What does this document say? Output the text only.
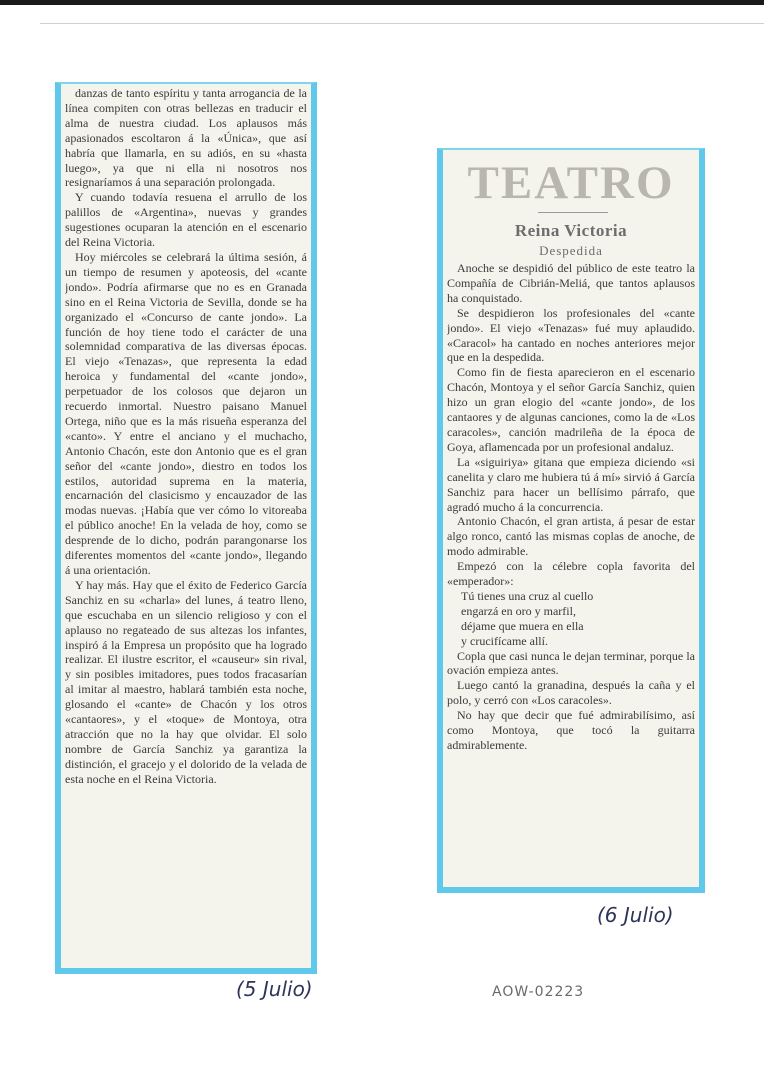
danzas de tanto espíritu y tanta arrogancia de la línea compiten con otras bellezas en traducir el alma de nuestra ciudad. Los aplausos más apasionados escoltaron á la «Única», que así habría que llamarla, en su adiós, en su «hasta luego», ya que ni ella ni nosotros nos resignaríamos á una separación prolongada.

Y cuando todavía resuena el arrullo de los palillos de «Argentina», nuevas y grandes sugestiones ocuparan la atención en el escenario del Reina Victoria.

Hoy miércoles se celebrará la última sesión, á un tiempo de resumen y apoteosis, del «cante jondo». Podría afirmarse que no es en Granada sino en el Reina Victoria de Sevilla, donde se ha organizado el «Concurso de cante jondo». La función de hoy tiene todo el carácter de una solemnidad comparativa de las diversas épocas. El viejo «Tenazas», que representa la edad heroica y fundamental del «cante jondo», perpetuador de los colosos que dejaron un recuerdo inmortal. Nuestro paisano Manuel Ortega, niño que es la más risueña esperanza del «canto». Y entre el anciano y el muchacho, Antonio Chacón, este don Antonio que es el gran señor del «cante jondo», diestro en todos los estilos, autoridad suprema en la materia, encarnación del clasicismo y encauzador de las modas nuevas. ¡Había que ver cómo lo vitoreaba el público anoche! En la velada de hoy, como se desprende de lo dicho, podrán parangonarse los diferentes momentos del «cante jondo», llegando á una orientación.

Y hay más. Hay que el éxito de Federico García Sanchiz en su «charla» del lunes, á teatro lleno, que escuchaba en un silencio religioso y con el aplauso no regateado de sus altezas los infantes, inspiró á la Empresa un propósito que ha logrado realizar. El ilustre escritor, el «causeur» sin rival, y sin posibles imitadores, pues todos fracasarían al imitar al maestro, hablará también esta noche, glosando el «cante» de Chacón y los otros «cantaores», y el «toque» de Montoya, otra atracción que no la hay que olvidar. El solo nombre de García Sanchiz ya garantiza la distinción, el gracejo y el dolorido de la velada de esta noche en el Reina Victoria.

TEATRO
Reina Victoria
Despedida

Anoche se despidió del público de este teatro la Compañía de Cibrián-Meliá, que tantos aplausos ha conquistado.

Se despidieron los profesionales del «cante jondo». El viejo «Tenazas» fué muy aplaudido. «Caracol» ha cantado en noches anteriores mejor que en la despedida.

Como fin de fiesta aparecieron en el escenario Chacón, Montoya y el señor García Sanchiz, quien hizo un gran elogio del «cante jondo», de los cantaores y de algunas canciones, como la de «Los caracoles», canción madrileña de la época de Goya, aflamencada por un profesional andaluz.

La «siguiriya» gitana que empieza diciendo «si canelita y claro me hubiera tú á mí» sirvió á García Sanchiz para hacer un bellísimo párrafo, que agradó mucho á la concurrencia.

Antonio Chacón, el gran artista, á pesar de estar algo ronco, cantó las mismas coplas de anoche, de modo admirable.

Empezó con la célebre copla favorita del «emperador»:

Tú tienes una cruz al cuello

engarzá en oro y marfil,

déjame que muera en ella

y crucifícame allí.

Copla que casi nunca le dejan terminar, porque la ovación empieza antes.

Luego cantó la granadina, después la caña y el polo, y cerró con «Los caracoles».

No hay que decir que fué admirabilísimo, así como Montoya, que tocó la guitarra admirablemente.

(5 Julio)
(6 Julio)
AOW-02223
